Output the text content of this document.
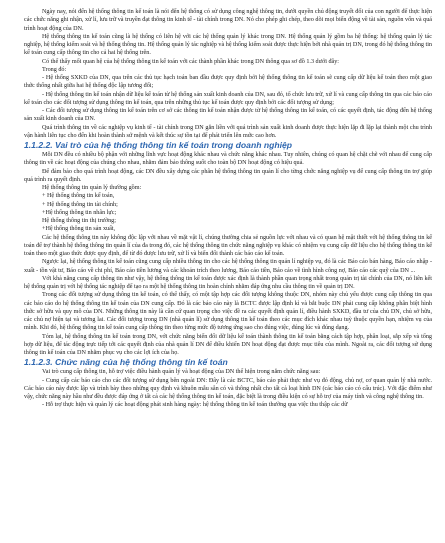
Ngày nay, nói đến hệ thống thông tin kế toán là nói đến hệ thống có sử dụng công nghệ thông tin, dưới quyền chủ động truyết đối của con người để thực hiện các chức năng ghi nhận, xử lí, lưu trữ và truyền đạt thông tin kinh tế - tài chính trong DN. Nó cho phép ghi chép, theo dõi mọi biến động về tài sản, nguồn vốn và quá trình hoạt động của DN.

Hệ thống thông tin kế toán cũng là hệ thống có liên hệ với các hệ thống quản lý khác trong DN. Hệ thống quản lý gồm ba hệ thống: hệ thống quản lý tác nghiệp, hệ thống kiểm soát và hệ thống thông tin. Hệ thống quản lý tác nghiệp và hệ thống kiểm soát được thực hiện bởi nhà quản trị DN, trong đó hệ thống thông tin kế toán cung cấp thông tin cho cả hai hệ thống trên.

Có thể thấy mối quan hệ của hệ thống thông tin kế toán với các thành phần khác trong DN thông qua sơ đồ 1.3 dưới đây:

Trong đó:

- Hệ thống SXKD của DN, qua trên các thủ tục hạch toán ban đầu được quy định bởi hệ thống thông tin kế toán sẽ cung cấp dữ liệu kế toán theo một giao thức thống nhất giữa hai hệ thống độc lập tương đối;

- Hệ thống thông tin kế toán nhận dữ liệu kế toán từ hệ thống sản xuất kinh doanh của DN, sau đó, tổ chức lưu trữ, xử lí và cung cấp thông tin qua các báo cáo kế toán cho các đối tượng sử dụng thông tin kế toán, qua trên những thủ tục kế toán được quy định bởi các đối tượng sử dụng;

- Các đối tượng sử dụng thông tin kế toán trên cơ sở các thông tin kế toán nhận được từ hệ thống thông tin kế toán, có các quyết định, tác động đến hệ thống sản xuất kinh doanh của DN.

Quá trình thông tin về các nghiệp vụ kinh tế - tài chính trong DN gắn liền với quá trình sản xuất kinh doanh được thực hiện lặp đi lặp lại thành một chu trình vận hành liên tục cho đến khi hoàn thành sứ mệnh và kết thúc sự tồn tại để phát triển lên mức cao hơn.

1.1.2.2. Vai trò của hệ thống thông tin kế toán trong doanh nghiệp

Mỗi DN đều có nhiều bộ phận với những lĩnh vực hoạt động khác nhau và chức năng khác nhau. Tuy nhiên, chúng có quan hệ chặt chẽ với nhau để cung cấp thông tin về các hoạt động của chúng cho nhau, nhằm đảm bảo thông suốt cho toàn bộ DN hoạt động có hiệu quả.

Để đảm bảo cho quá trình hoạt động, các DN đều xây dựng các phân hệ thống thông tin quản lí cho từng chức năng nghiệp vụ để cung cấp thông tin trợ giúp quá trình ra quyết định.

Hệ thống thông tin quản lý thường gồm:

+ Hệ thống thông tin kế toán,

+ Hệ thống thông tin tài chính;

+Hệ thống thông tin nhân lực;

Hệ thống thông tin thị trường;

+Hệ thống thông tin sản xuất,

Các hệ thống thông tin này không độc lập với nhau về mặt vật lí, chúng thường chia sẻ nguồn lực với nhau và có quan hệ mật thiết với hệ thống thông tin kế toán để trợ thành hệ thống thông tin quản lí của đa trong đó, các hệ thống thông tin chức năng nghiệp vụ khác có nhiệm vụ cung cấp dữ liệu cho hệ thống thông tin kế toán theo một giao thức được quy định, để từ đó được lưu trữ, xử lí và biến đổi thành các báo cáo kế toán.

Ngược lại, hệ thống thông tin kế toán cũng cung cấp nhiều thông tin cho các hệ thống thông tin quản lí nghiệp vụ, đó là các Báo cáo bán hàng, Báo cáo nhập - xuất - tồn vật tư, Báo cáo về chi phí, Báo cáo tiền lương và các khoản trích theo lương, Báo cáo tiền, Báo cáo về tình hình công nợ, Báo cáo các quỹ của DN ...

Với khả năng cung cấp thông tin như vậy, hệ thống thông tin kế toán được xác định là thành phần quan trọng nhất trong quản trị tài chính của DN, nó liên kết hệ thống quản trị với hệ thống tác nghiệp để tạo ra một hệ thống thông tin hoàn chỉnh nhằm đáp ứng nhu cầu thông tin về quản trị DN.

Trong các đối tượng sử dụng thông tin kế toán, có thể thấy, có một tập hợp các đối tượng không thuộc DN, nhóm này chủ yếu được cung cấp thông tin qua các báo cáo do hệ thống thông tin kế toán của DN cung cấp. Đó là các báo cáo này là BCTC được lập định kì và bắt buộc DN phải cung cấp không phân biệt hình thức sở hữu và quy mô của DN. Những thông tin này là cần cứ quan trọng cho việc đề ra các quyết định quản lí, điều hành SXKD, đầu tư của chủ DN, chủ sở hữu, các chủ nợ hiện tại và tương lai. Các đối tượng trong DN (nhà quản lí) sử dụng thông tin kế toán theo các mục đích khác nhau tuỳ thuộc quyền hạn, nhiệm vụ của mình. Khi đó, hệ thống thông tin kế toán cung cấp thông tin theo từng mức độ tương ứng sao cho đúng việc, đúng lúc và đúng dạng.

Tóm lại, hệ thống thông tin kế toán trong DN, với chức năng biến đổi dữ liệu kế toán thành thông tin kế toán bằng cách tập hợp, phân loại, sắp xếp và tổng hợp dữ liệu, để tác động trực tiếp tới các quyết định của nhà quản lí DN để điều khiển DN hoạt động đạt được mục tiêu của mình. Ngoài ra, các đối tượng sử dụng thông tin kế toán của DN nhằm phục vụ cho các lợi ích của họ.

1.1.2.3. Chức năng của hệ thống thông tin kế toán

Vai trò cung cấp thông tin, hỗ trợ việc điều hành quản lý và hoạt động của DN thể hiện trong năm chức năng sau:

- Cung cấp các báo cáo cho các đối tượng sử dụng bên ngoài DN: Đây là các BCTC, báo cáo phải thực như vụ đó động, chủ nợ, cơ quan quản lý nhà nước. Các báo cáo này được lập và trình bày theo những quy định và khuôn mẫu sẵn có và thông nhất cho tất cả loại hình DN (các báo cáo có cấu trúc). Với đặc điểm như vậy, chức năng này hầu như đều được đáp ứng ở tất cả các hệ thống thông tin kế toán, đặc biệt là trong điều kiện có sự hỗ trợ của máy tính và công nghệ thông tin.

- Hỗ trợ thực hiện và quản lý các hoạt động phát sinh hàng ngày: hệ thống thông tin kế toán thường qua việc thu thập các dữ
